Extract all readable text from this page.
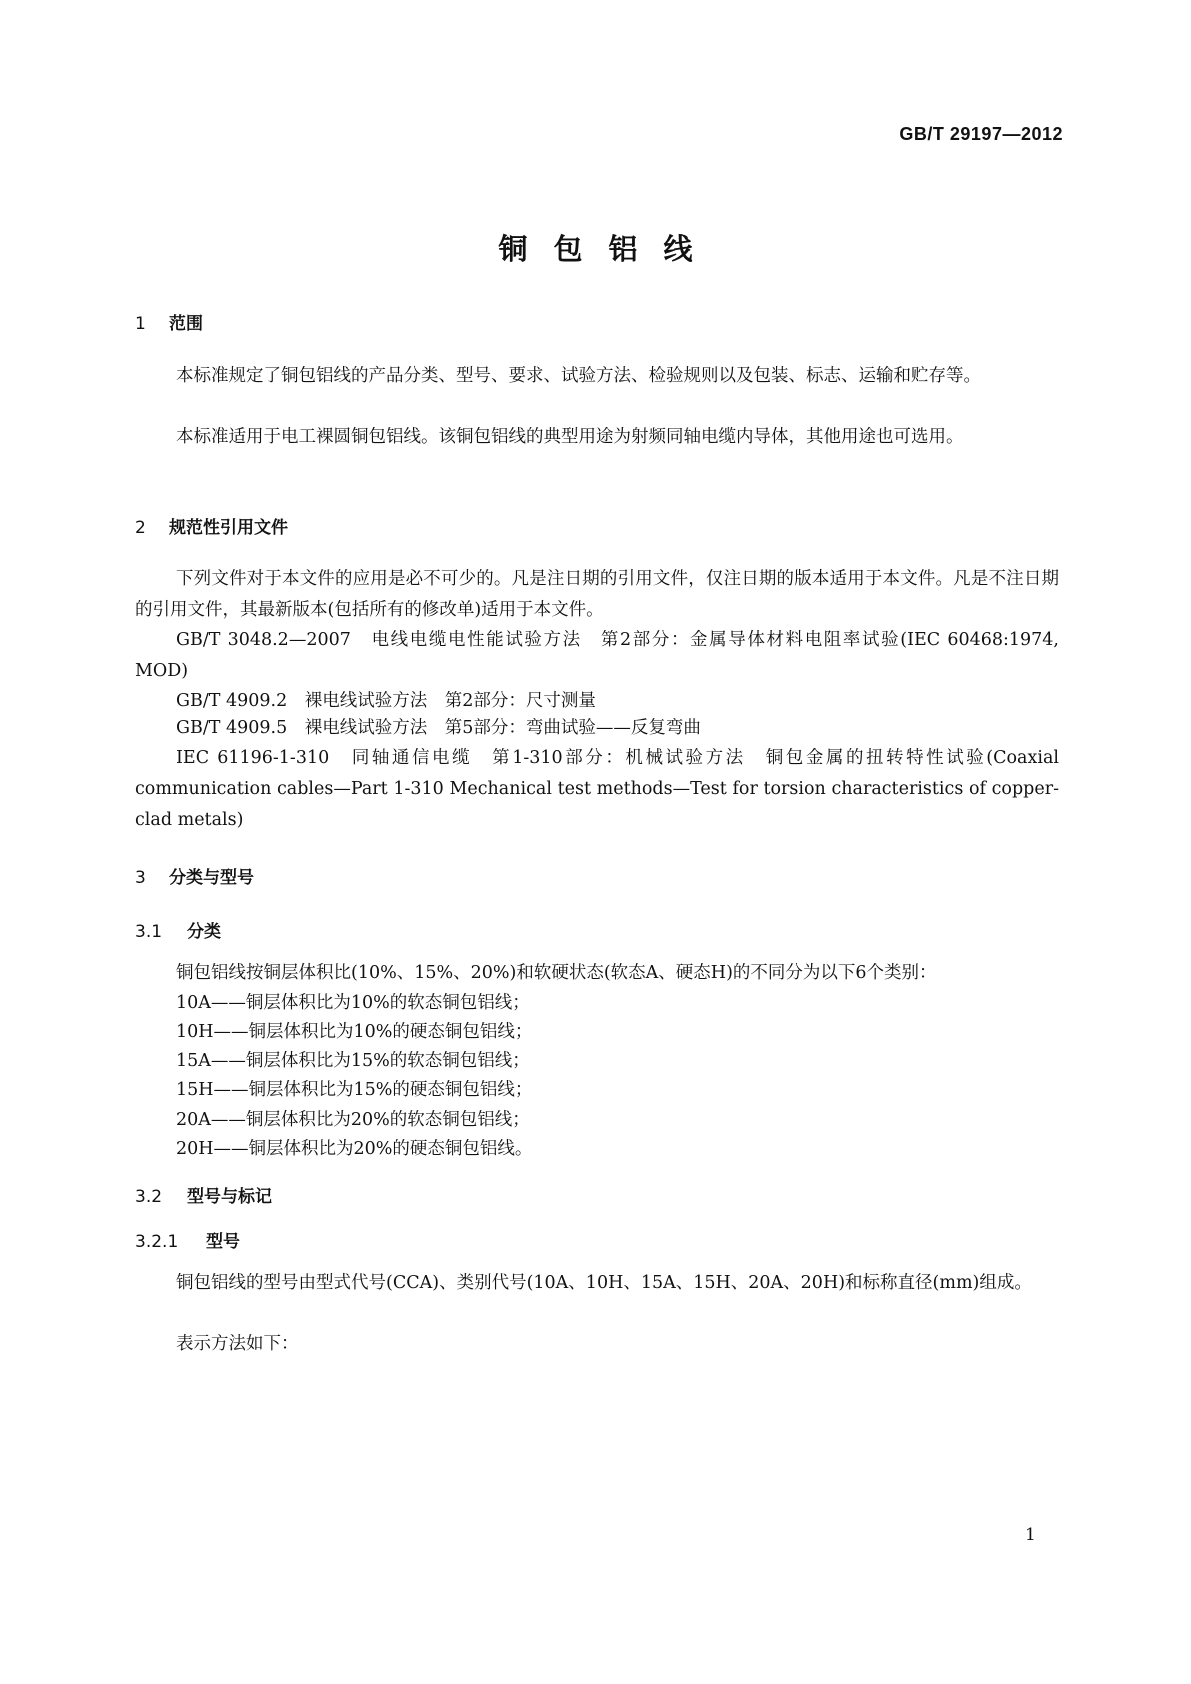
GB/T 29197—2012
铜包铝线
1 范围
本标准规定了铜包铝线的产品分类、型号、要求、试验方法、检验规则以及包装、标志、运输和贮存等。
本标准适用于电工裸圆铜包铝线。该铜包铝线的典型用途为射频同轴电缆内导体，其他用途也可选用。
2 规范性引用文件
下列文件对于本文件的应用是必不可少的。凡是注日期的引用文件，仅注日期的版本适用于本文件。凡是不注日期的引用文件，其最新版本(包括所有的修改单)适用于本文件。
GB/T 3048.2—2007　电线电缆电性能试验方法　第2部分：金属导体材料电阻率试验(IEC 60468:1974, MOD)
GB/T 4909.2　裸电线试验方法　第2部分：尺寸测量
GB/T 4909.5　裸电线试验方法　第5部分：弯曲试验——反复弯曲
IEC 61196-1-310　同轴通信电缆　第1-310部分：机械试验方法　铜包金属的扭转特性试验(Coaxial communication cables—Part 1-310 Mechanical test methods—Test for torsion characteristics of copper-clad metals)
3 分类与型号
3.1 分类
铜包铝线按铜层体积比(10%、15%、20%)和软硬状态(软态A、硬态H)的不同分为以下6个类别：
10A——铜层体积比为10%的软态铜包铝线；
10H——铜层体积比为10%的硬态铜包铝线；
15A——铜层体积比为15%的软态铜包铝线；
15H——铜层体积比为15%的硬态铜包铝线；
20A——铜层体积比为20%的软态铜包铝线；
20H——铜层体积比为20%的硬态铜包铝线。
3.2 型号与标记
3.2.1 型号
铜包铝线的型号由型式代号(CCA)、类别代号(10A、10H、15A、15H、20A、20H)和标称直径(mm)组成。
表示方法如下：
1
